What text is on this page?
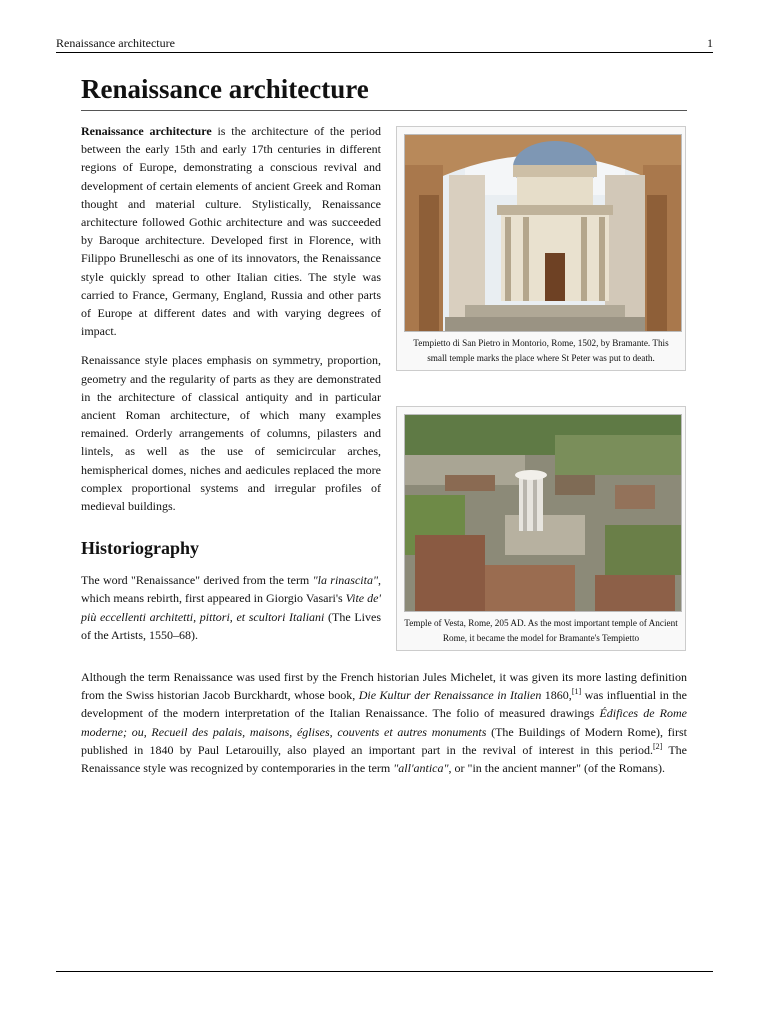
Renaissance architecture	1
Renaissance architecture

Renaissance architecture is the architecture of the period between the early 15th and early 17th centuries in different regions of Europe, demonstrating a conscious revival and development of certain elements of ancient Greek and Roman thought and material culture. Stylistically, Renaissance architecture followed Gothic architecture and was succeeded by Baroque architecture. Developed first in Florence, with Filippo Brunelleschi as one of its innovators, the Renaissance style quickly spread to other Italian cities. The style was carried to France, Germany, England, Russia and other parts of Europe at different dates and with varying degrees of impact.

Renaissance style places emphasis on symmetry, proportion, geometry and the regularity of parts as they are demonstrated in the architecture of classical antiquity and in particular ancient Roman architecture, of which many examples remained. Orderly arrangements of columns, pilasters and lintels, as well as the use of semicircular arches, hemispherical domes, niches and aedicules replaced the more complex proportional systems and irregular profiles of medieval buildings.

Historiography

The word "Renaissance" derived from the term "la rinascita", which means rebirth, first appeared in Giorgio Vasari's Vite de' più eccellenti architetti, pittori, et scultori Italiani (The Lives of the Artists, 1550–68).

Tempietto di San Pietro in Montorio, Rome, 1502, by Bramante. This small temple marks the place where St Peter was put to death.
Temple of Vesta, Rome, 205 AD. As the most important temple of Ancient Rome, it became the model for Bramante's Tempietto

Although the term Renaissance was used first by the French historian Jules Michelet, it was given its more lasting definition from the Swiss historian Jacob Burckhardt, whose book, Die Kultur der Renaissance in Italien 1860,[1] was influential in the development of the modern interpretation of the Italian Renaissance. The folio of measured drawings Édifices de Rome moderne; ou, Recueil des palais, maisons, églises, couvents et autres monuments (The Buildings of Modern Rome), first published in 1840 by Paul Letarouilly, also played an important part in the revival of interest in this period.[2] The Renaissance style was recognized by contemporaries in the term "all'antica", or "in the ancient manner" (of the Romans).
